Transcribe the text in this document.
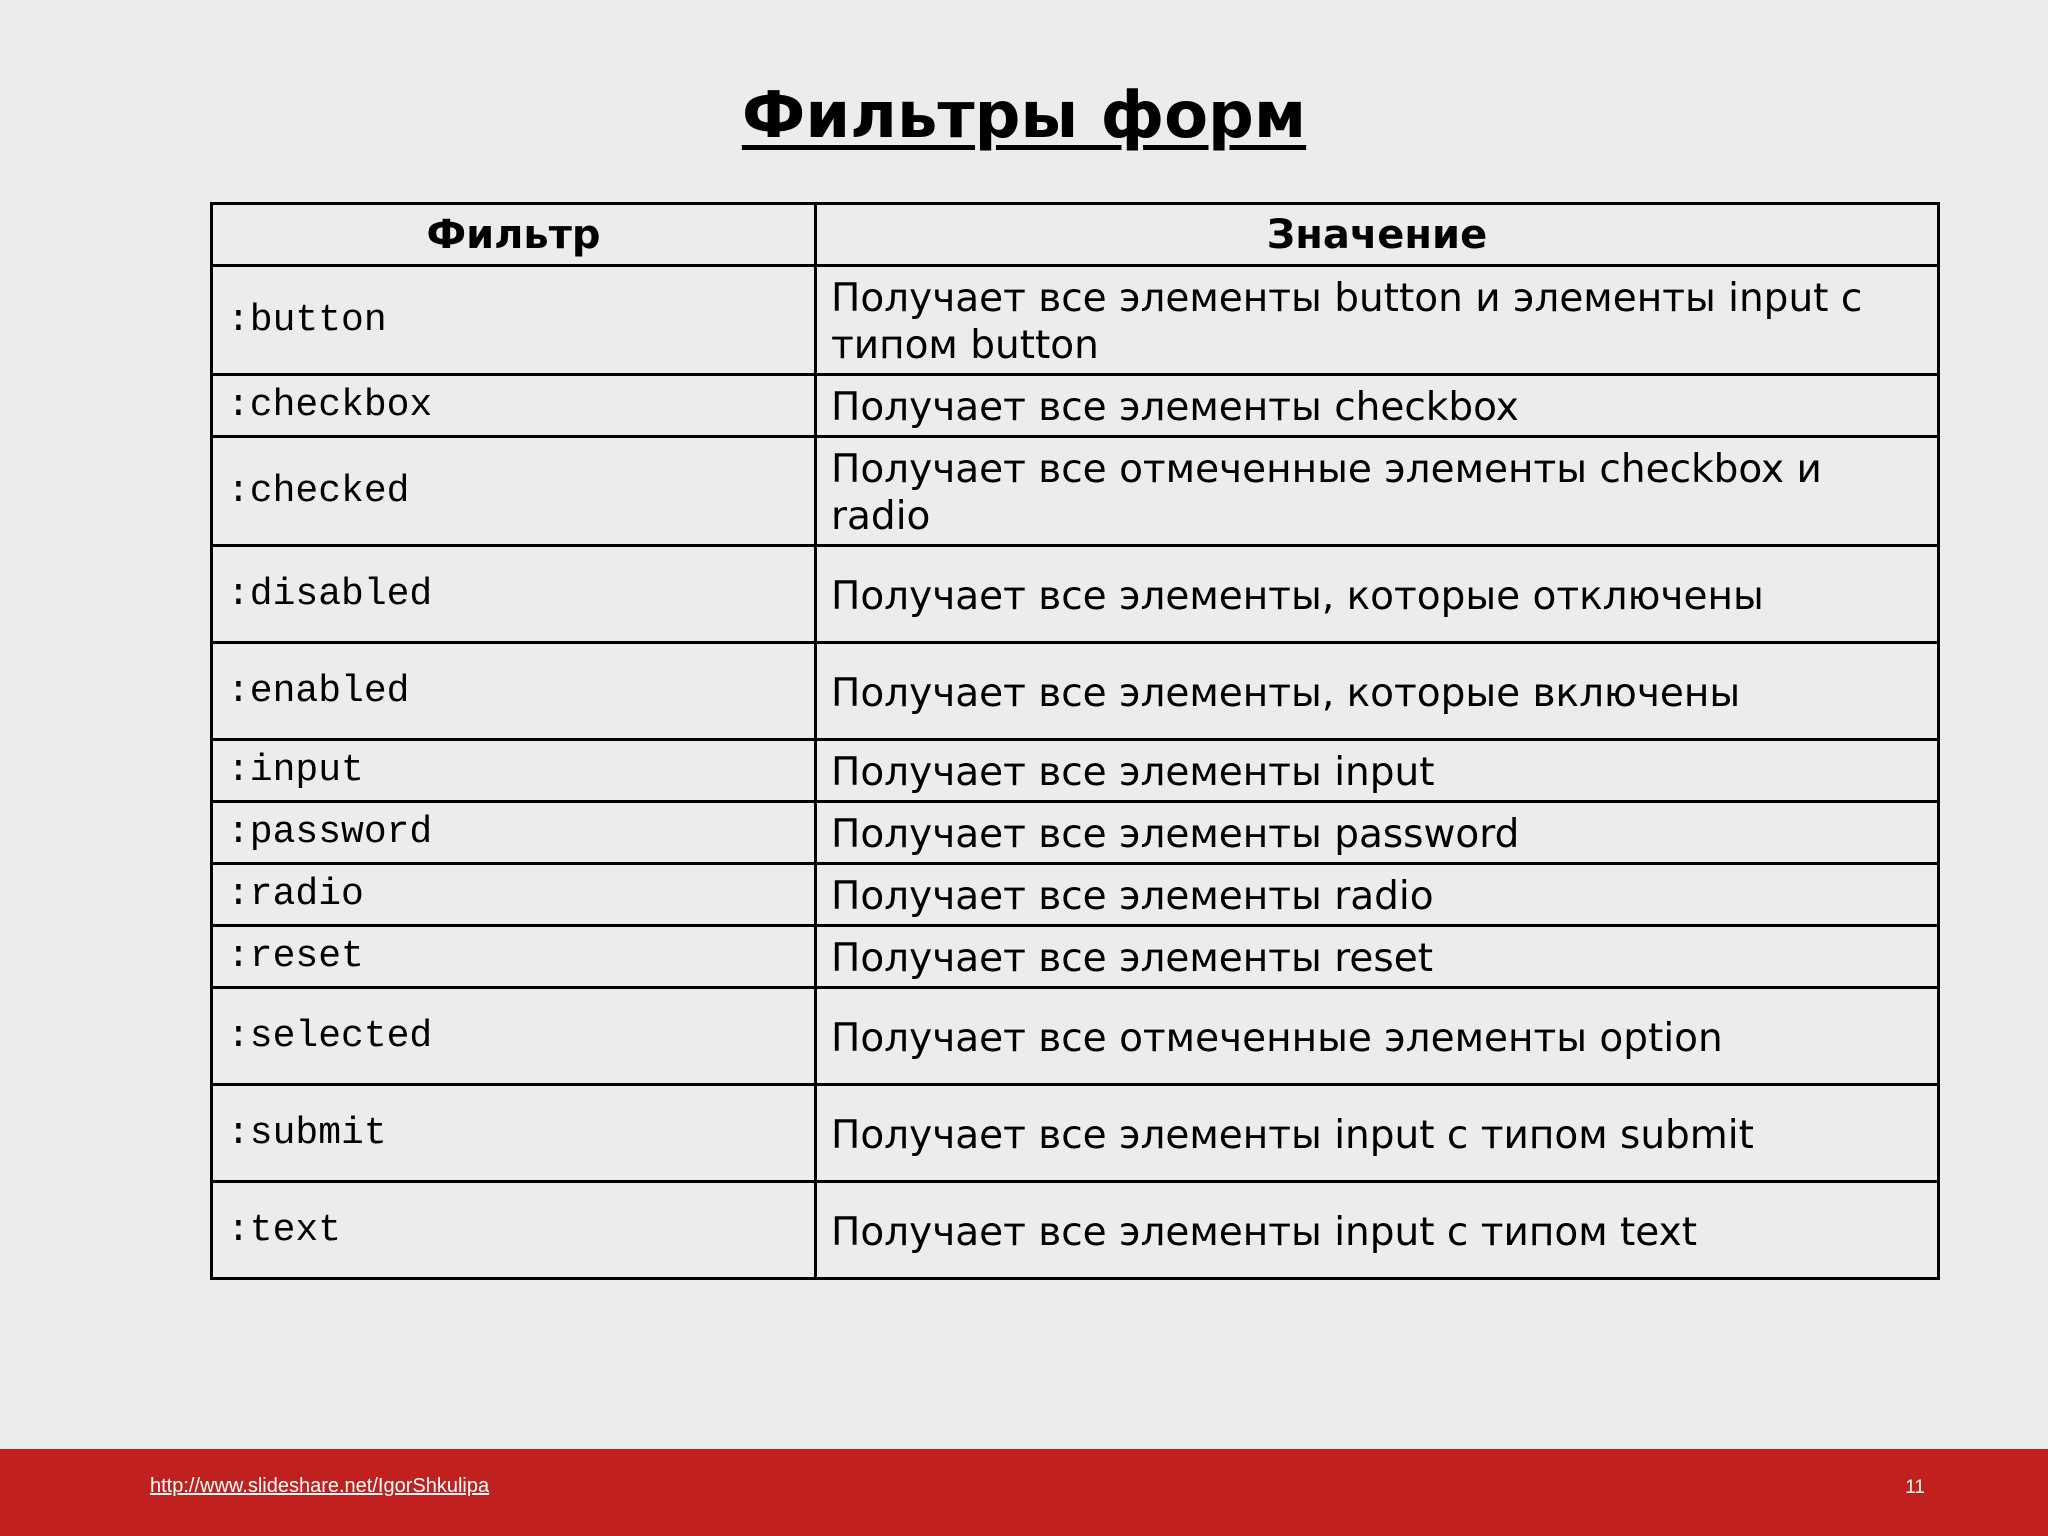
Фильтры форм
Фильтр	Значение
:button	Получает все элементы button и элементы input с типом button
:checkbox	Получает все элементы checkbox
:checked	Получает все отмеченные элементы checkbox и radio
:disabled	Получает все элементы, которые отключены
:enabled	Получает все элементы, которые включены
:input	Получает все элементы input
:password	Получает все элементы password
:radio	Получает все элементы radio
:reset	Получает все элементы reset
:selected	Получает все отмеченные элементы option
:submit	Получает все элементы input с типом submit
:text	Получает все элементы input с типом text
http://www.slideshare.net/IgorShkulipa	11
